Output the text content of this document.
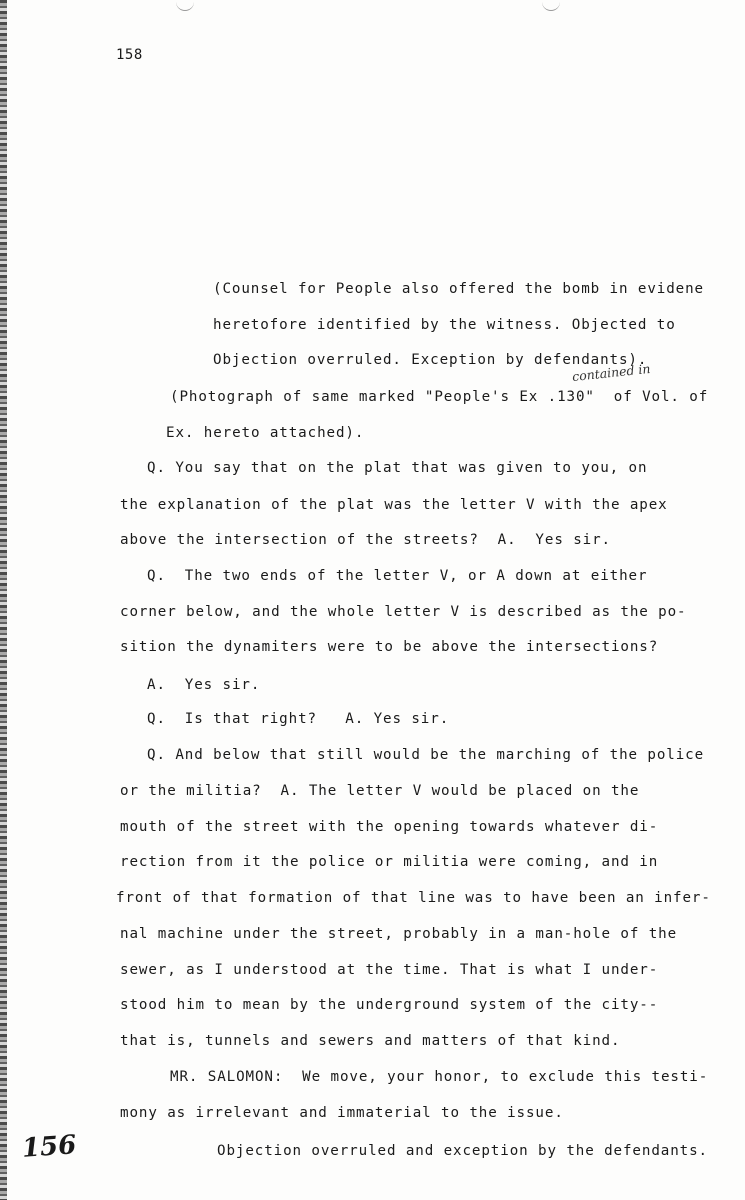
158
contained in
(Counsel for People also offered the bomb in evidene
heretofore identified by the witness. Objected to
Objection overruled. Exception by defendants).
(Photograph of same marked "People's Ex .130"  of Vol. of
Ex. hereto attached).
Q. You say that on the plat that was given to you, on
the explanation of the plat was the letter V with the apex
above the intersection of the streets?  A.  Yes sir.
Q.  The two ends of the letter V, or A down at either
corner below, and the whole letter V is described as the po-
sition the dynamiters were to be above the intersections?
A.  Yes sir.
Q.  Is that right?   A. Yes sir.
Q. And below that still would be the marching of the police
or the militia?  A. The letter V would be placed on the
mouth of the street with the opening towards whatever di-
rection from it the police or militia were coming, and in
front of that formation of that line was to have been an infer-
nal machine under the street, probably in a man-hole of the
sewer, as I understood at the time. That is what I under-
stood him to mean by the underground system of the city--
that is, tunnels and sewers and matters of that kind.
MR. SALOMON:  We move, your honor, to exclude this testi-
mony as irrelevant and immaterial to the issue.
Objection overruled and exception by the defendants.
156
